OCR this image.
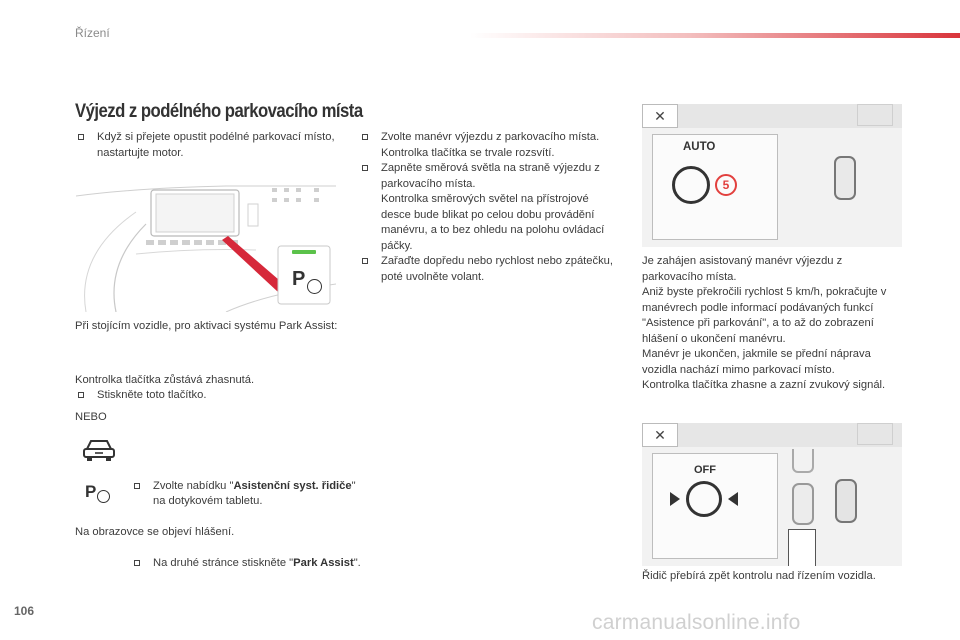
Řízení
Výjezd z podélného parkovacího místa
Když si přejete opustit podélné parkovací místo, nastartujte motor.
P
Při stojícím vozidle, pro aktivaci systému Park Assist:
Stiskněte toto tlačítko.
Kontrolka tlačítka zůstává zhasnutá.
NEBO
Zvolte nabídku "Asistenční syst. řidiče" na dotykovém tabletu.
P
Na druhé stránce stiskněte "Park Assist".
Na obrazovce se objeví hlášení.
Zvolte manévr výjezdu z parkovacího místa.
Kontrolka tlačítka se trvale rozsvítí.
Zapněte směrová světla na straně výjezdu z parkovacího místa.
Kontrolka směrových světel na přístrojové desce bude blikat po celou dobu provádění manévru, a to bez ohledu na polohu ovládací páčky.
Zařaďte dopředu nebo rychlost nebo zpátečku, poté uvolněte volant.
✕
AUTO
5
Je zahájen asistovaný manévr výjezdu z parkovacího místa.
Aniž byste překročili rychlost 5 km/h, pokračujte v manévrech podle informací podávaných funkcí "Asistence při parkování", a to až do zobrazení hlášení o ukončení manévru.
Manévr je ukončen, jakmile se přední náprava vozidla nachází mimo parkovací místo.
Kontrolka tlačítka zhasne a zazní zvukový signál.
✕
OFF
Řidič přebírá zpět kontrolu nad řízením vozidla.
106	carmanualsonline.info
